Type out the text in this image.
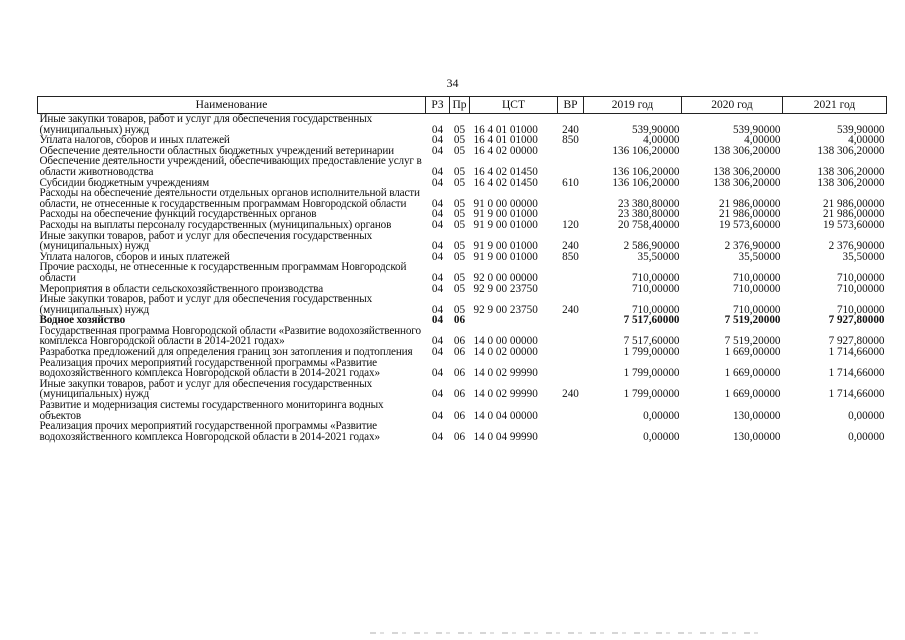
34
Наименование	РЗ	Пр	ЦСТ	ВР	2019 год	2020 год	2021 год
Иные закупки товаров, работ и услуг для обеспечения государственных (муниципальных) нужд	04	05	16 4 01 01000	240	539,90000	539,90000	539,90000
Уплата налогов, сборов и иных платежей	04	05	16 4 01 01000	850	4,00000	4,00000	4,00000
Обеспечение деятельности областных бюджетных учреждений ветеринарии	04	05	16 4 02 00000		136 106,20000	138 306,20000	138 306,20000
Обеспечение деятельности учреждений, обеспечивающих предоставление услуг в области животноводства	04	05	16 4 02 01450		136 106,20000	138 306,20000	138 306,20000
Субсидии бюджетным учреждениям	04	05	16 4 02 01450	610	136 106,20000	138 306,20000	138 306,20000
Расходы на обеспечение деятельности отдельных органов исполнительной власти области, не отнесенные к государственным программам Новгородской области	04	05	91 0 00 00000		23 380,80000	21 986,00000	21 986,00000
Расходы на обеспечение функций государственных органов	04	05	91 9 00 01000		23 380,80000	21 986,00000	21 986,00000
Расходы на выплаты персоналу государственных (муниципальных) органов	04	05	91 9 00 01000	120	20 758,40000	19 573,60000	19 573,60000
Иные закупки товаров, работ и услуг для обеспечения государственных (муниципальных) нужд	04	05	91 9 00 01000	240	2 586,90000	2 376,90000	2 376,90000
Уплата налогов, сборов и иных платежей	04	05	91 9 00 01000	850	35,50000	35,50000	35,50000
Прочие расходы, не отнесенные к государственным программам Новгородской области	04	05	92 0 00 00000		710,00000	710,00000	710,00000
Мероприятия в области сельскохозяйственного производства	04	05	92 9 00 23750		710,00000	710,00000	710,00000
Иные закупки товаров, работ и услуг для обеспечения государственных (муниципальных) нужд	04	05	92 9 00 23750	240	710,00000	710,00000	710,00000
Водное хозяйство	04	06			7 517,60000	7 519,20000	7 927,80000
Государственная программа Новгородской области «Развитие водохозяйственного комплекса Новгородской области в 2014-2021 годах»	04	06	14 0 00 00000		7 517,60000	7 519,20000	7 927,80000
Разработка предложений для определения границ зон затопления и подтопления	04	06	14 0 02 00000		1 799,00000	1 669,00000	1 714,66000
Реализация прочих мероприятий государственной программы «Развитие водохозяйственного комплекса Новгородской области в 2014-2021 годах»	04	06	14 0 02 99990		1 799,00000	1 669,00000	1 714,66000
Иные закупки товаров, работ и услуг для обеспечения государственных (муниципальных) нужд	04	06	14 0 02 99990	240	1 799,00000	1 669,00000	1 714,66000
Развитие и модернизация системы государственного мониторинга водных объектов	04	06	14 0 04 00000		0,00000	130,00000	0,00000
Реализация прочих мероприятий государственной программы «Развитие водохозяйственного комплекса Новгородской области в 2014-2021 годах»	04	06	14 0 04 99990		0,00000	130,00000	0,00000
